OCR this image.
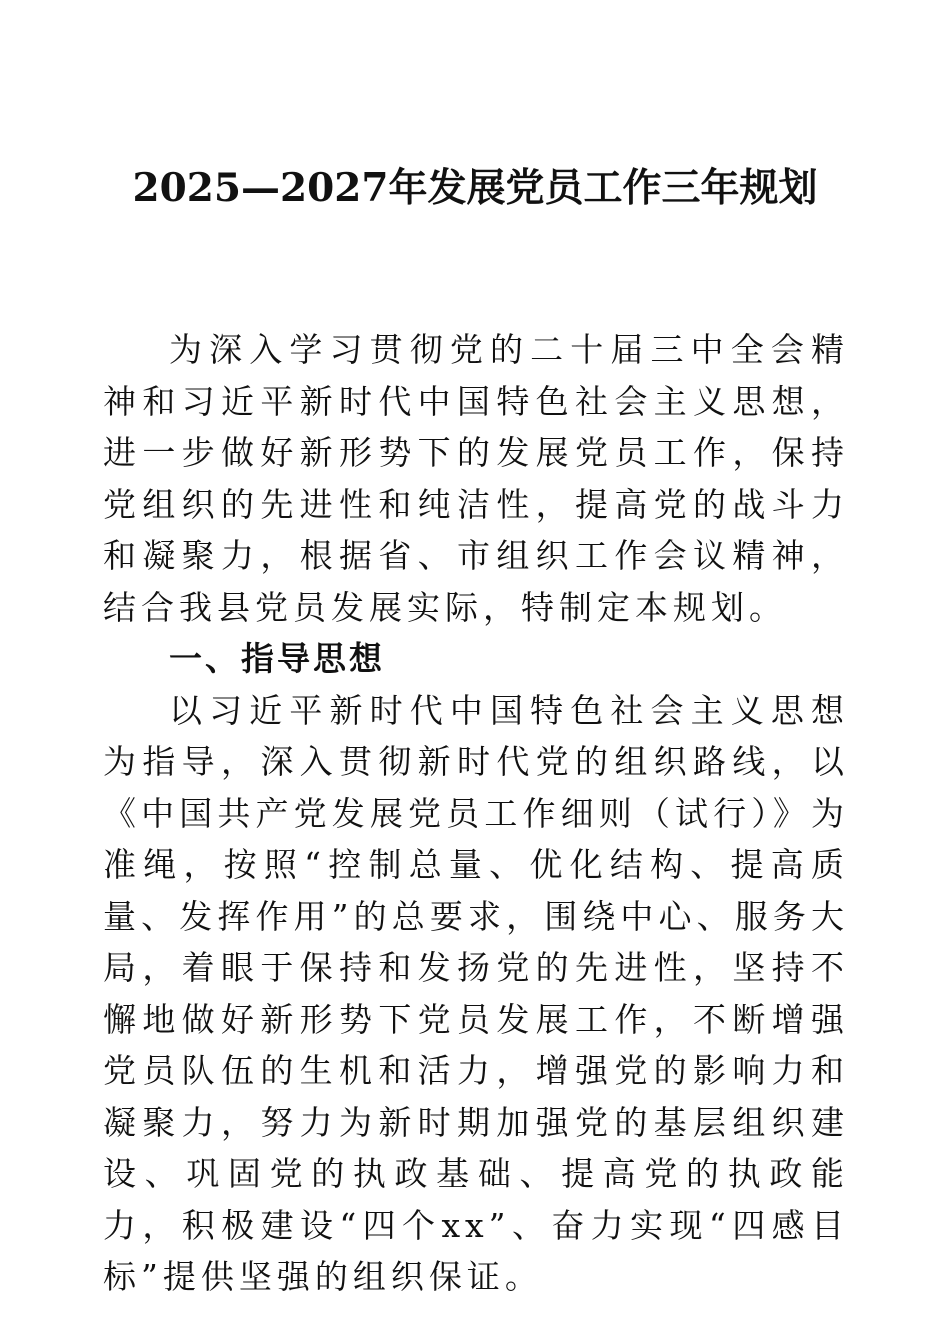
2025—2027年发展党员工作三年规划

为深入学习贯彻党的二十届三中全会精神和习近平新时代中国特色社会主义思想，进一步做好新形势下的发展党员工作，保持党组织的先进性和纯洁性，提高党的战斗力和凝聚力，根据省、市组织工作会议精神，结合我县党员发展实际，特制定本规划。

一、指导思想

以习近平新时代中国特色社会主义思想为指导，深入贯彻新时代党的组织路线，以《中国共产党发展党员工作细则（试行）》为准绳，按照“控制总量、优化结构、提高质量、发挥作用”的总要求，围绕中心、服务大局，着眼于保持和发扬党的先进性，坚持不懈地做好新形势下党员发展工作，不断增强党员队伍的生机和活力，增强党的影响力和凝聚力，努力为新时期加强党的基层组织建设、巩固党的执政基础、提高党的执政能力，积极建设“四个xx”、奋力实现“四感目标”提供坚强的组织保证。
